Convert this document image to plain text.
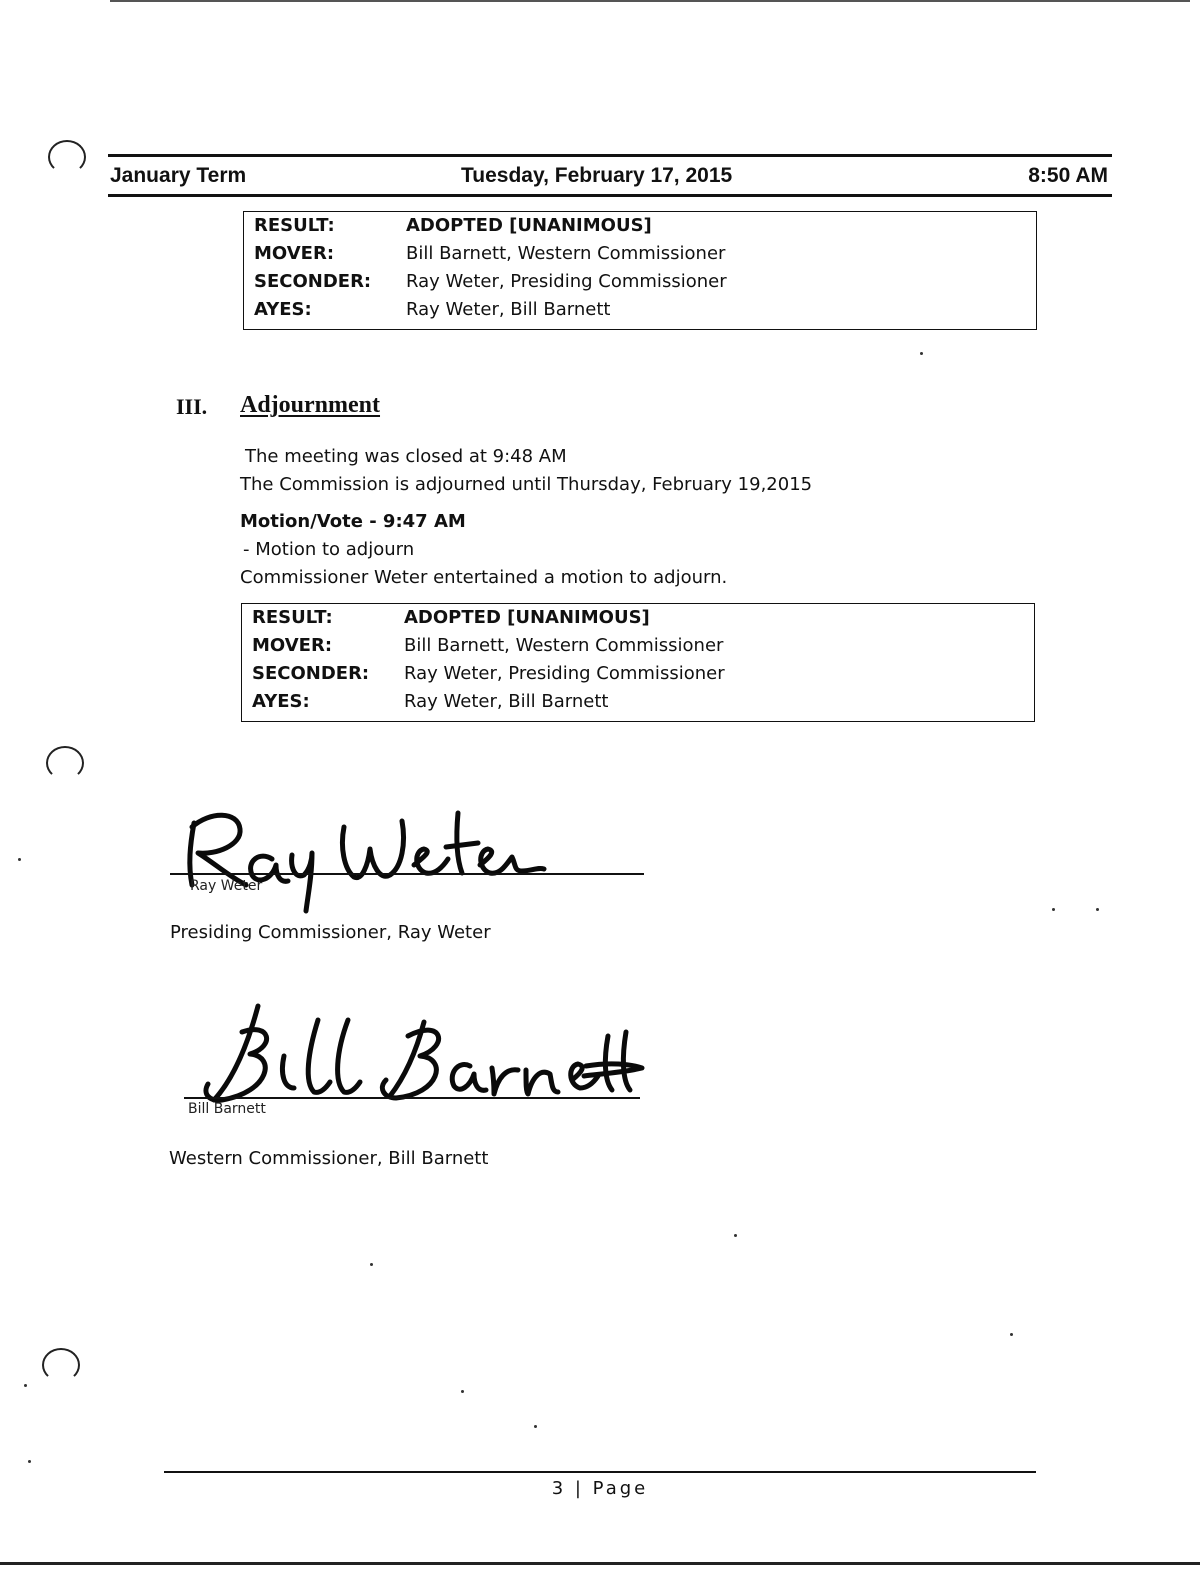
January Term	Tuesday, February 17, 2015	8:50 AM
RESULT:	ADOPTED [UNANIMOUS]
MOVER:	Bill Barnett, Western Commissioner
SECONDER: Ray Weter, Presiding Commissioner
AYES:	Ray Weter, Bill Barnett
III. Adjournment
The meeting was closed at 9:48 AM
The Commission is adjourned until Thursday, February 19,2015
Motion/Vote - 9:47 AM
- Motion to adjourn
Commissioner Weter entertained a motion to adjourn.
RESULT:	ADOPTED [UNANIMOUS]
MOVER:	Bill Barnett, Western Commissioner
SECONDER: Ray Weter, Presiding Commissioner
AYES:	Ray Weter, Bill Barnett
Ray Weter
Presiding Commissioner, Ray Weter
Bill Barnett
Western Commissioner, Bill Barnett
3 | Page
